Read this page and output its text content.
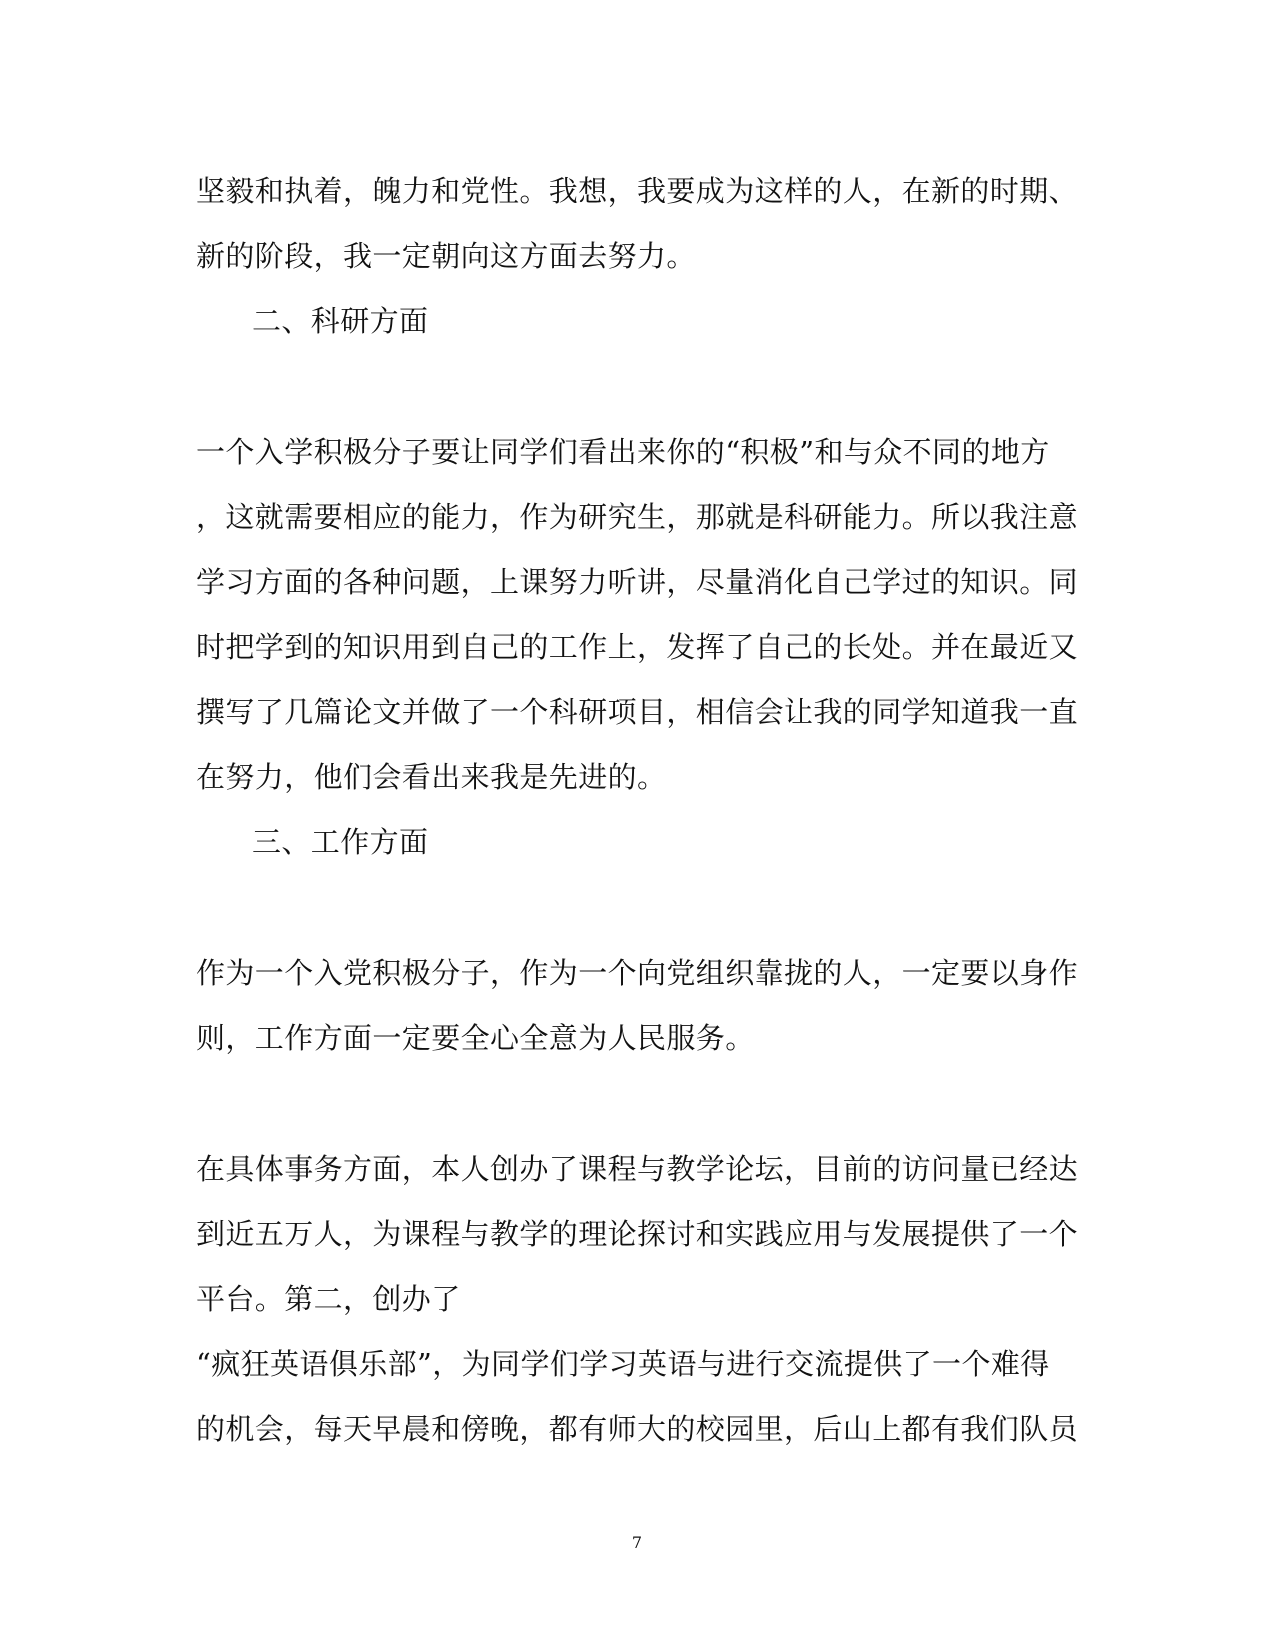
坚毅和执着，魄力和党性。我想，我要成为这样的人，在新的时期、
新的阶段，我一定朝向这方面去努力。
二、科研方面
一个入学积极分子要让同学们看出来你的“积极”和与众不同的地方
，这就需要相应的能力，作为研究生，那就是科研能力。所以我注意
学习方面的各种问题，上课努力听讲，尽量消化自己学过的知识。同
时把学到的知识用到自己的工作上，发挥了自己的长处。并在最近又
撰写了几篇论文并做了一个科研项目，相信会让我的同学知道我一直
在努力，他们会看出来我是先进的。
三、工作方面
作为一个入党积极分子，作为一个向党组织靠拢的人，一定要以身作
则，工作方面一定要全心全意为人民服务。
在具体事务方面，本人创办了课程与教学论坛，目前的访问量已经达
到近五万人，为课程与教学的理论探讨和实践应用与发展提供了一个
平台。第二，创办了
“疯狂英语俱乐部”，为同学们学习英语与进行交流提供了一个难得
的机会，每天早晨和傍晚，都有师大的校园里，后山上都有我们队员
7
